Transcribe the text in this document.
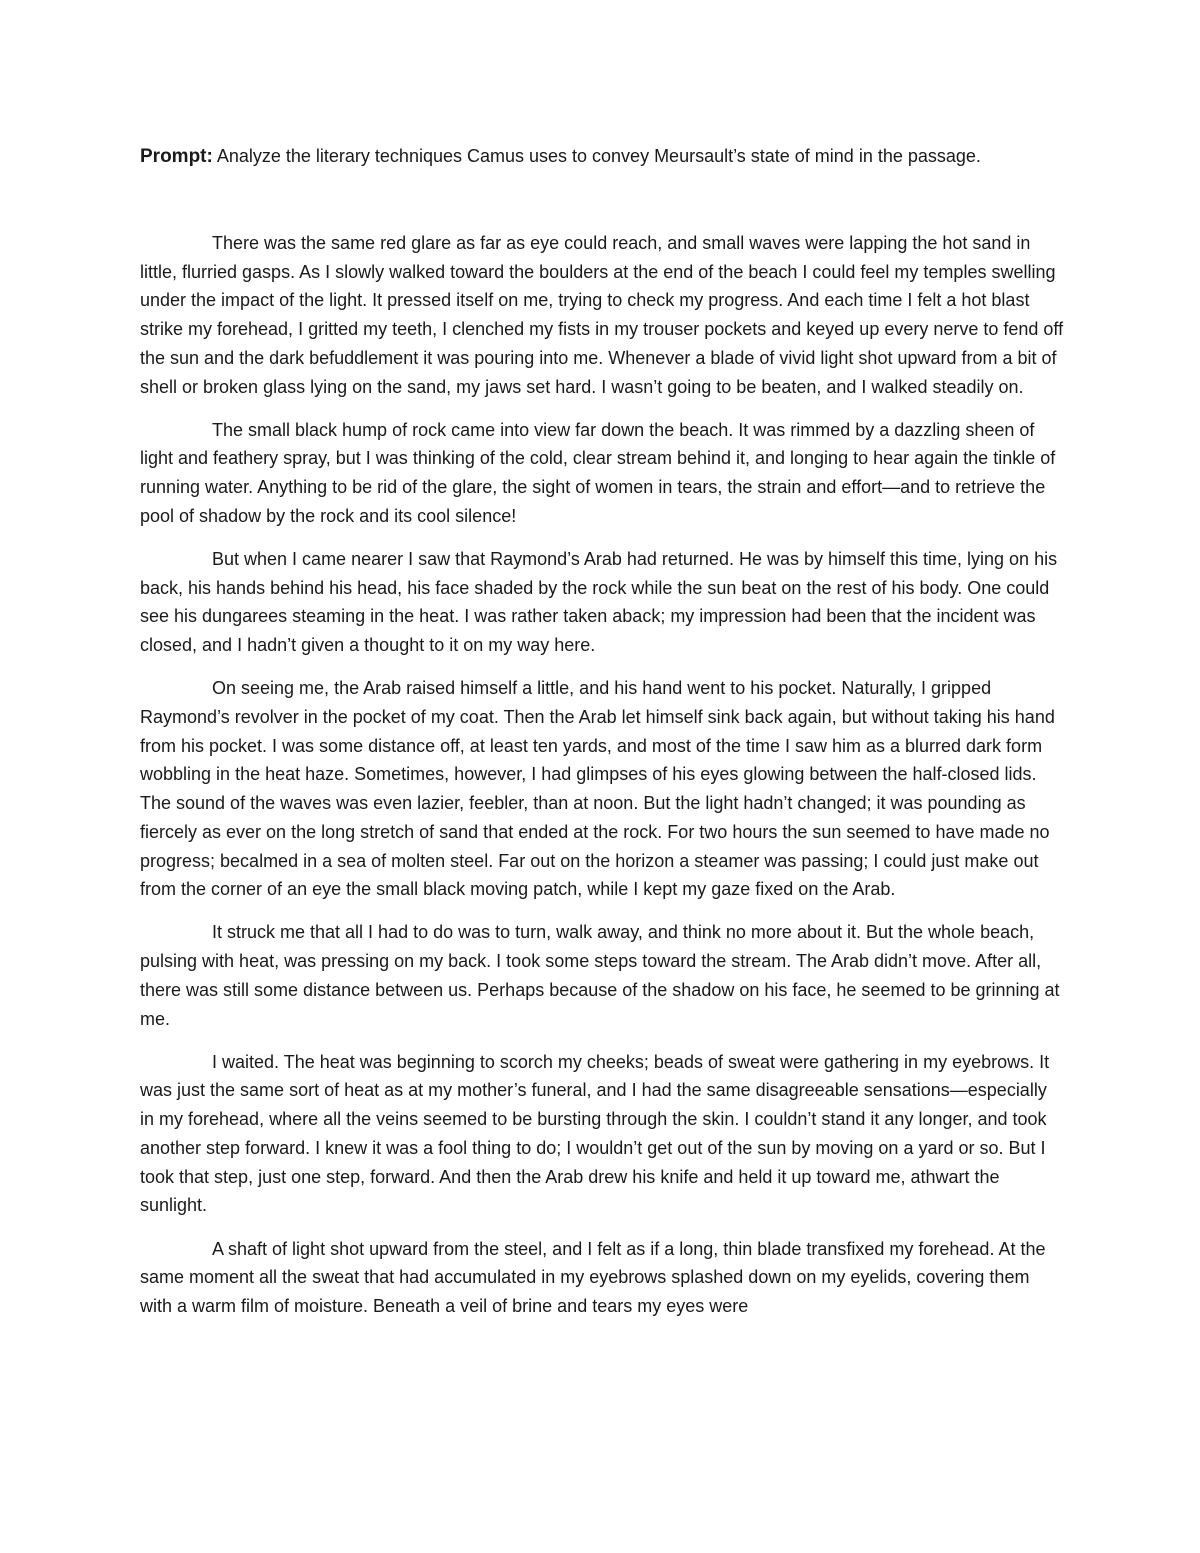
Prompt: Analyze the literary techniques Camus uses to convey Meursault’s state of mind in the passage.

There was the same red glare as far as eye could reach, and small waves were lapping the hot sand in little, flurried gasps. As I slowly walked toward the boulders at the end of the beach I could feel my temples swelling under the impact of the light. It pressed itself on me, trying to check my progress. And each time I felt a hot blast strike my forehead, I gritted my teeth, I clenched my fists in my trouser pockets and keyed up every nerve to fend off the sun and the dark befuddlement it was pouring into me. Whenever a blade of vivid light shot upward from a bit of shell or broken glass lying on the sand, my jaws set hard. I wasn’t going to be beaten, and I walked steadily on.

The small black hump of rock came into view far down the beach. It was rimmed by a dazzling sheen of light and feathery spray, but I was thinking of the cold, clear stream behind it, and longing to hear again the tinkle of running water. Anything to be rid of the glare, the sight of women in tears, the strain and effort—and to retrieve the pool of shadow by the rock and its cool silence!

But when I came nearer I saw that Raymond’s Arab had returned. He was by himself this time, lying on his back, his hands behind his head, his face shaded by the rock while the sun beat on the rest of his body. One could see his dungarees steaming in the heat. I was rather taken aback; my impression had been that the incident was closed, and I hadn’t given a thought to it on my way here.

On seeing me, the Arab raised himself a little, and his hand went to his pocket. Naturally, I gripped Raymond’s revolver in the pocket of my coat. Then the Arab let himself sink back again, but without taking his hand from his pocket. I was some distance off, at least ten yards, and most of the time I saw him as a blurred dark form wobbling in the heat haze. Sometimes, however, I had glimpses of his eyes glowing between the half-closed lids. The sound of the waves was even lazier, feebler, than at noon. But the light hadn’t changed; it was pounding as fiercely as ever on the long stretch of sand that ended at the rock. For two hours the sun seemed to have made no progress; becalmed in a sea of molten steel. Far out on the horizon a steamer was passing; I could just make out from the corner of an eye the small black moving patch, while I kept my gaze fixed on the Arab.

It struck me that all I had to do was to turn, walk away, and think no more about it. But the whole beach, pulsing with heat, was pressing on my back. I took some steps toward the stream. The Arab didn’t move. After all, there was still some distance between us. Perhaps because of the shadow on his face, he seemed to be grinning at me.

I waited. The heat was beginning to scorch my cheeks; beads of sweat were gathering in my eyebrows. It was just the same sort of heat as at my mother’s funeral, and I had the same disagreeable sensations—especially in my forehead, where all the veins seemed to be bursting through the skin. I couldn’t stand it any longer, and took another step forward. I knew it was a fool thing to do; I wouldn’t get out of the sun by moving on a yard or so. But I took that step, just one step, forward. And then the Arab drew his knife and held it up toward me, athwart the sunlight.

A shaft of light shot upward from the steel, and I felt as if a long, thin blade transfixed my forehead. At the same moment all the sweat that had accumulated in my eyebrows splashed down on my eyelids, covering them with a warm film of moisture. Beneath a veil of brine and tears my eyes were
